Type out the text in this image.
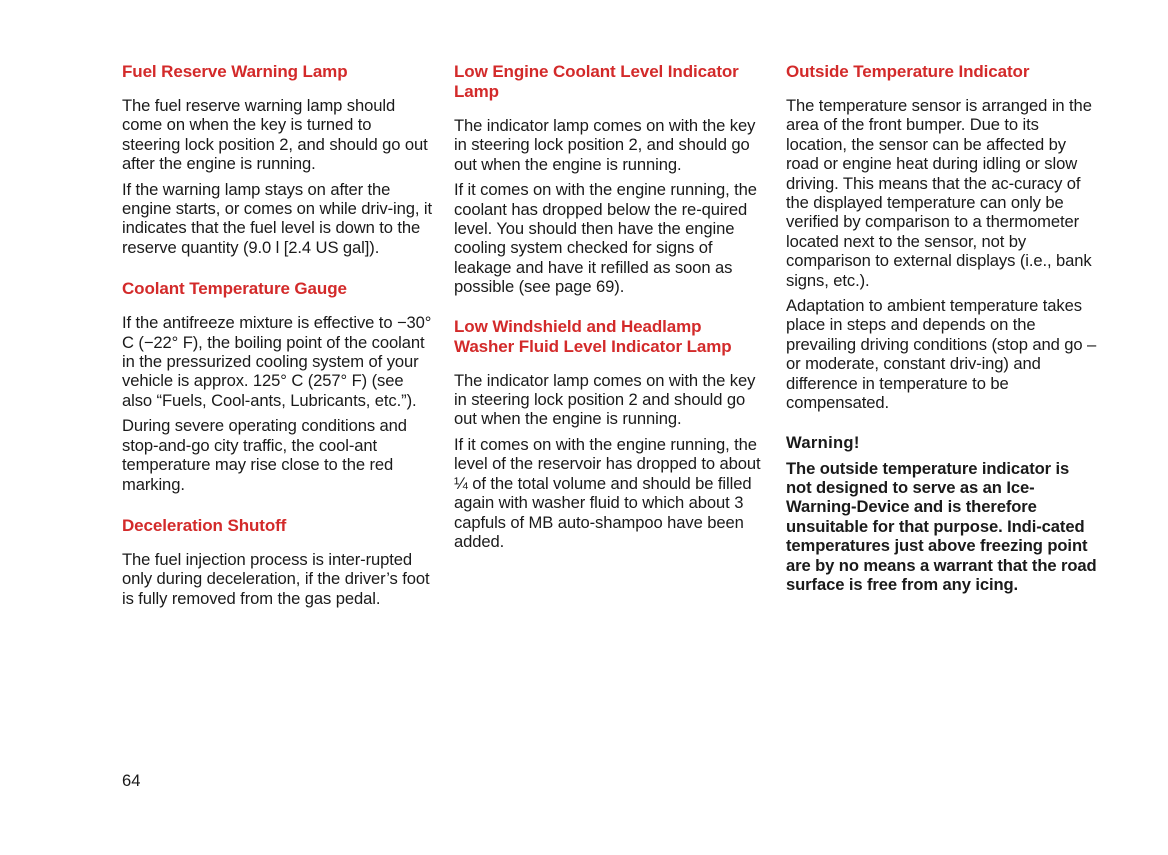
Fuel Reserve Warning Lamp

The fuel reserve warning lamp should come on when the key is turned to steering lock position 2, and should go out after the engine is running.

If the warning lamp stays on after the engine starts, or comes on while driv-ing, it indicates that the fuel level is down to the reserve quantity (9.0 l [2.4 US gal]).

Coolant Temperature Gauge

If the antifreeze mixture is effective to −30° C (−22° F), the boiling point of the coolant in the pressurized cooling system of your vehicle is approx. 125° C (257° F) (see also “Fuels, Cool-ants, Lubricants, etc.”).

During severe operating conditions and stop-and-go city traffic, the cool-ant temperature may rise close to the red marking.

Deceleration Shutoff

The fuel injection process is inter-rupted only during deceleration, if the driver’s foot is fully removed from the gas pedal.

Low Engine Coolant Level Indicator Lamp

The indicator lamp comes on with the key in steering lock position 2, and should go out when the engine is running.

If it comes on with the engine running, the coolant has dropped below the re-quired level. You should then have the engine cooling system checked for signs of leakage and have it refilled as soon as possible (see page 69).

Low Windshield and Headlamp Washer Fluid Level Indicator Lamp

The indicator lamp comes on with the key in steering lock position 2 and should go out when the engine is running.

If it comes on with the engine running, the level of the reservoir has dropped to about ¼ of the total volume and should be filled again with washer fluid to which about 3 capfuls of MB auto-shampoo have been added.

Outside Temperature Indicator

The temperature sensor is arranged in the area of the front bumper. Due to its location, the sensor can be affected by road or engine heat during idling or slow driving. This means that the ac-curacy of the displayed temperature can only be verified by comparison to a thermometer located next to the sensor, not by comparison to external displays (i.e., bank signs, etc.).

Adaptation to ambient temperature takes place in steps and depends on the prevailing driving conditions (stop and go – or moderate, constant driv-ing) and difference in temperature to be compensated.

Warning!

The outside temperature indicator is not designed to serve as an Ice-Warning-Device and is therefore unsuitable for that purpose. Indi-cated temperatures just above freezing point are by no means a warrant that the road surface is free from any icing.

64
